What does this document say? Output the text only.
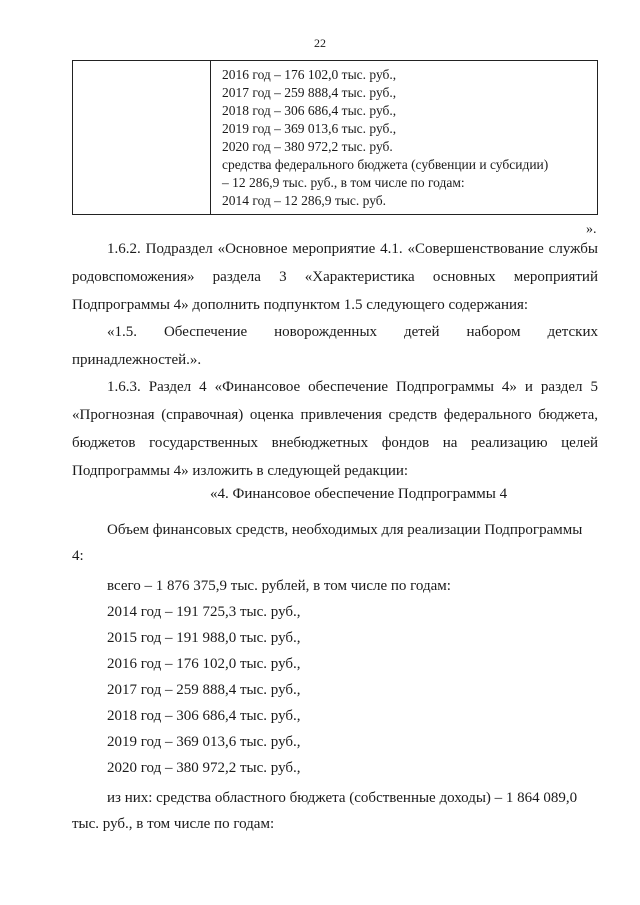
22
2016 год – 176 102,0 тыс. руб.,
2017 год – 259 888,4 тыс. руб.,
2018 год – 306 686,4 тыс. руб.,
2019 год – 369 013,6 тыс. руб.,
2020 год – 380 972,2 тыс. руб.
средства федерального бюджета (субвенции и субсидии)
– 12 286,9 тыс. руб., в том числе по годам:
2014 год – 12 286,9 тыс. руб.
».
1.6.2. Подраздел «Основное мероприятие 4.1. «Совершенствование службы родовспоможения» раздела 3 «Характеристика основных мероприятий Подпрограммы 4» дополнить подпунктом 1.5 следующего содержания:
«1.5. Обеспечение новорожденных детей набором детских принадлежностей.».
1.6.3. Раздел 4 «Финансовое обеспечение Подпрограммы 4» и раздел 5 «Прогнозная (справочная) оценка привлечения средств федерального бюджета, бюджетов государственных внебюджетных фондов на реализацию целей Подпрограммы 4» изложить в следующей редакции:
«4. Финансовое обеспечение Подпрограммы 4
Объем финансовых средств, необходимых для реализации Подпрограммы
4:
всего – 1 876 375,9 тыс. рублей, в том числе по годам:
2014 год – 191 725,3 тыс. руб.,
2015 год – 191 988,0 тыс. руб.,
2016 год – 176 102,0 тыс. руб.,
2017 год – 259 888,4 тыс. руб.,
2018 год – 306 686,4 тыс. руб.,
2019 год – 369 013,6 тыс. руб.,
2020 год – 380 972,2 тыс. руб.,
из них: средства областного бюджета (собственные доходы) – 1 864 089,0
тыс. руб., в том числе по годам:
